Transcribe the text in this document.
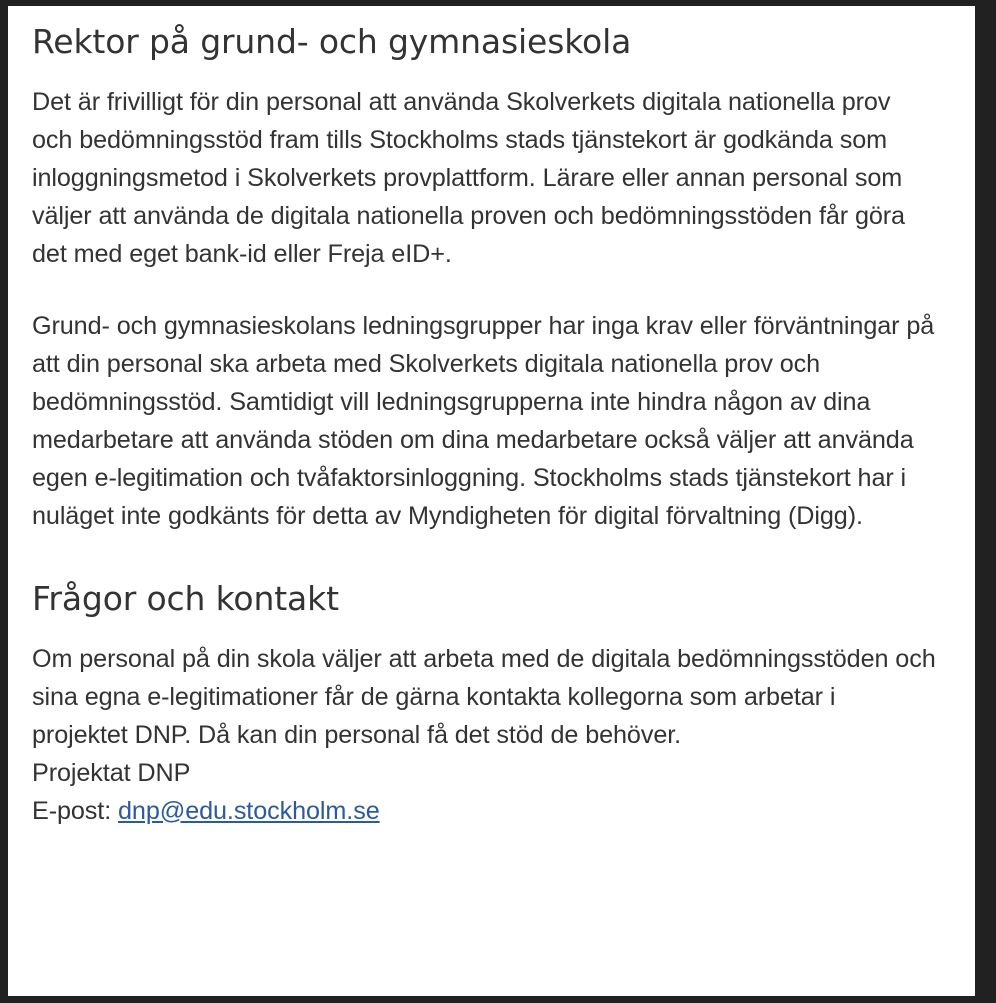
Rektor på grund- och gymnasieskola

Det är frivilligt för din personal att använda Skolverkets digitala nationella prov och bedömningsstöd fram tills Stockholms stads tjänstekort är godkända som inloggningsmetod i Skolverkets provplattform. Lärare eller annan personal som väljer att använda de digitala nationella proven och bedömningsstöden får göra det med eget bank-id eller Freja eID+.

Grund- och gymnasieskolans ledningsgrupper har inga krav eller förväntningar på att din personal ska arbeta med Skolverkets digitala nationella prov och bedömningsstöd. Samtidigt vill ledningsgrupperna inte hindra någon av dina medarbetare att använda stöden om dina medarbetare också väljer att använda egen e-legitimation och tvåfaktorsinloggning. Stockholms stads tjänstekort har i nuläget inte godkänts för detta av Myndigheten för digital förvaltning (Digg).

Frågor och kontakt

Om personal på din skola väljer att arbeta med de digitala bedömningsstöden och sina egna e-legitimationer får de gärna kontakta kollegorna som arbetar i projektet DNP. Då kan din personal få det stöd de behöver.

Projektat DNP
E-post: dnp@edu.stockholm.se
